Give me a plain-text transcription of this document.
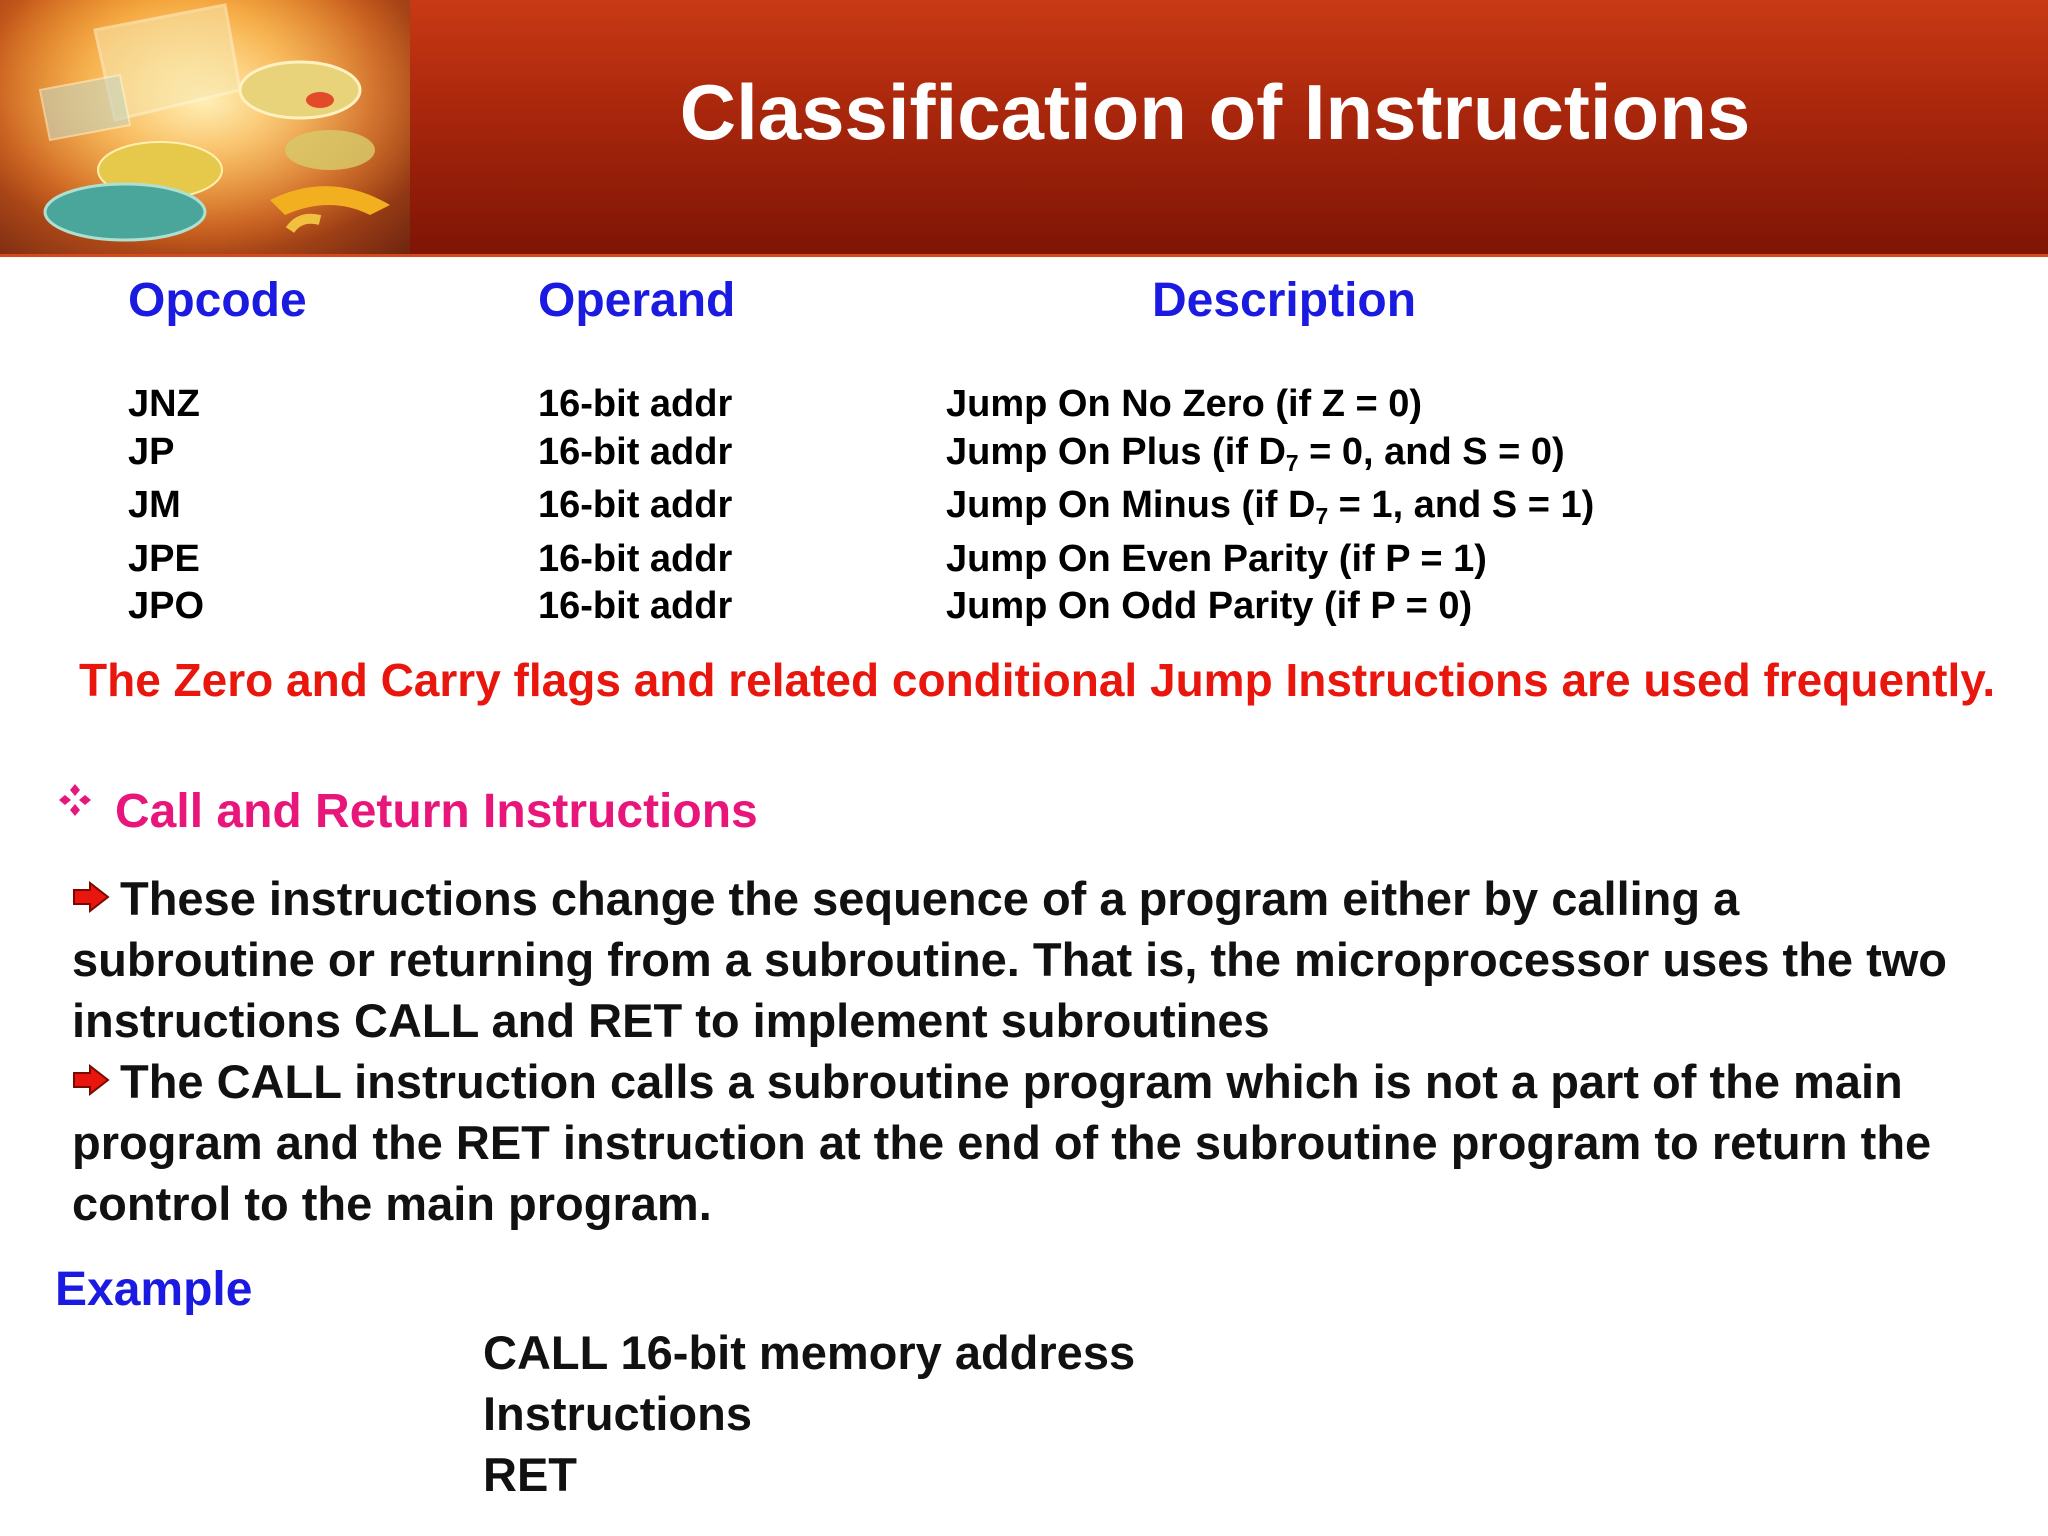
Classification of Instructions
Opcode	Operand	Description
JNZ	16-bit addr	Jump On No Zero (if Z = 0)
JP	16-bit addr	Jump On Plus (if $D_7 = 0$, and S = 0)
JM	16-bit addr	Jump On Minus (if $D_7 = 1$, and S = 1)
JPE	16-bit addr	Jump On Even Parity (if P = 1)
JPO	16-bit addr	Jump On Odd Parity (if P = 0)
The Zero and Carry flags and related conditional Jump Instructions are used frequently.
Call and Return Instructions
These instructions change the sequence of a program either by calling a subroutine or returning from a subroutine. That is, the microprocessor uses the two instructions CALL and RET to implement subroutines
The CALL instruction calls a subroutine program which is not a part of the main program and the RET instruction at the end of the subroutine program to return the control to the main program.
Example
CALL 16-bit memory address
Instructions
RET
